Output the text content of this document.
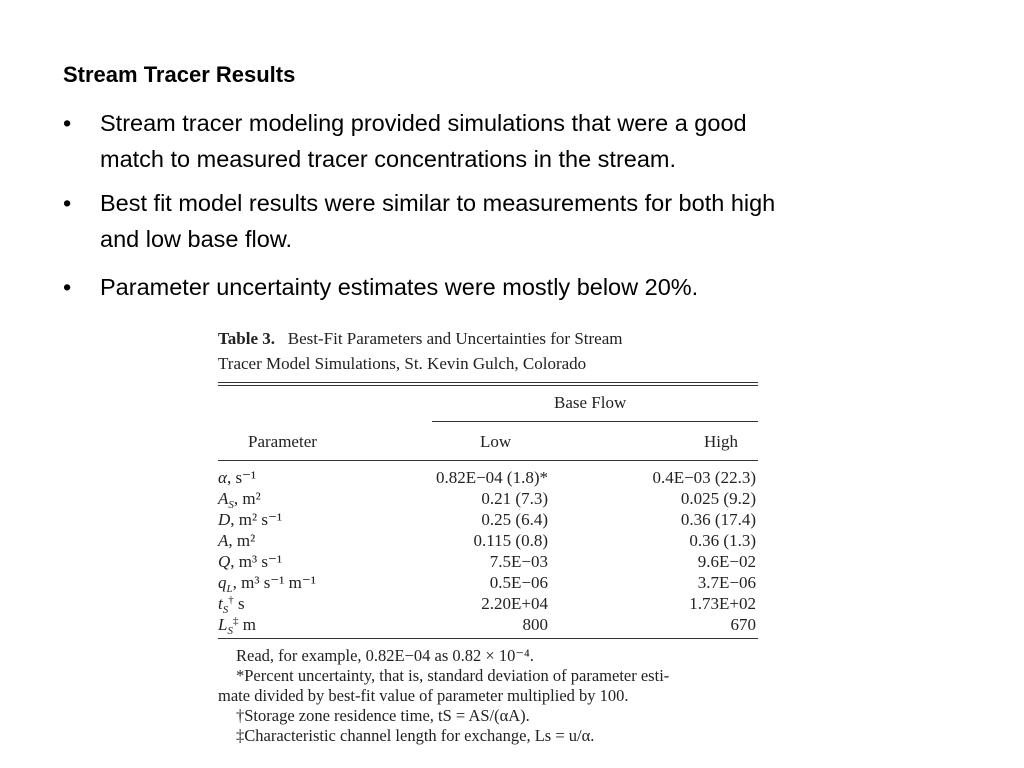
Stream Tracer Results
• Stream tracer modeling provided simulations that were a good
match to measured tracer concentrations in the stream.
• Best fit model results were similar to measurements for both high
and low base flow.
• Parameter uncertainty estimates were mostly below 20%.
Table 3. Best-Fit Parameters and Uncertainties for Stream
Tracer Model Simulations, St. Kevin Gulch, Colorado
Base Flow
Parameter	Low	High
α, s⁻¹	0.82E−04 (1.8)*	0.4E−03 (22.3)
$A_S$, m²	0.21 (7.3)	0.025 (9.2)
D, m² s⁻¹	0.25 (6.4)	0.36 (17.4)
A, m²	0.115 (0.8)	0.36 (1.3)
Q, m³ s⁻¹	7.5E−03	9.6E−02
$q_L$, m³ s⁻¹ m⁻¹	0.5E−06	3.7E−06
$t_S^\dagger$ s	2.20E+04	1.73E+02
$L_S^\ddagger$ m	800	670
Read, for example, 0.82E−04 as 0.82 × 10⁻⁴.
*Percent uncertainty, that is, standard deviation of parameter esti-
mate divided by best-fit value of parameter multiplied by 100.
†Storage zone residence time, tS = AS/(αA).
‡Characteristic channel length for exchange, Ls = u/α.
